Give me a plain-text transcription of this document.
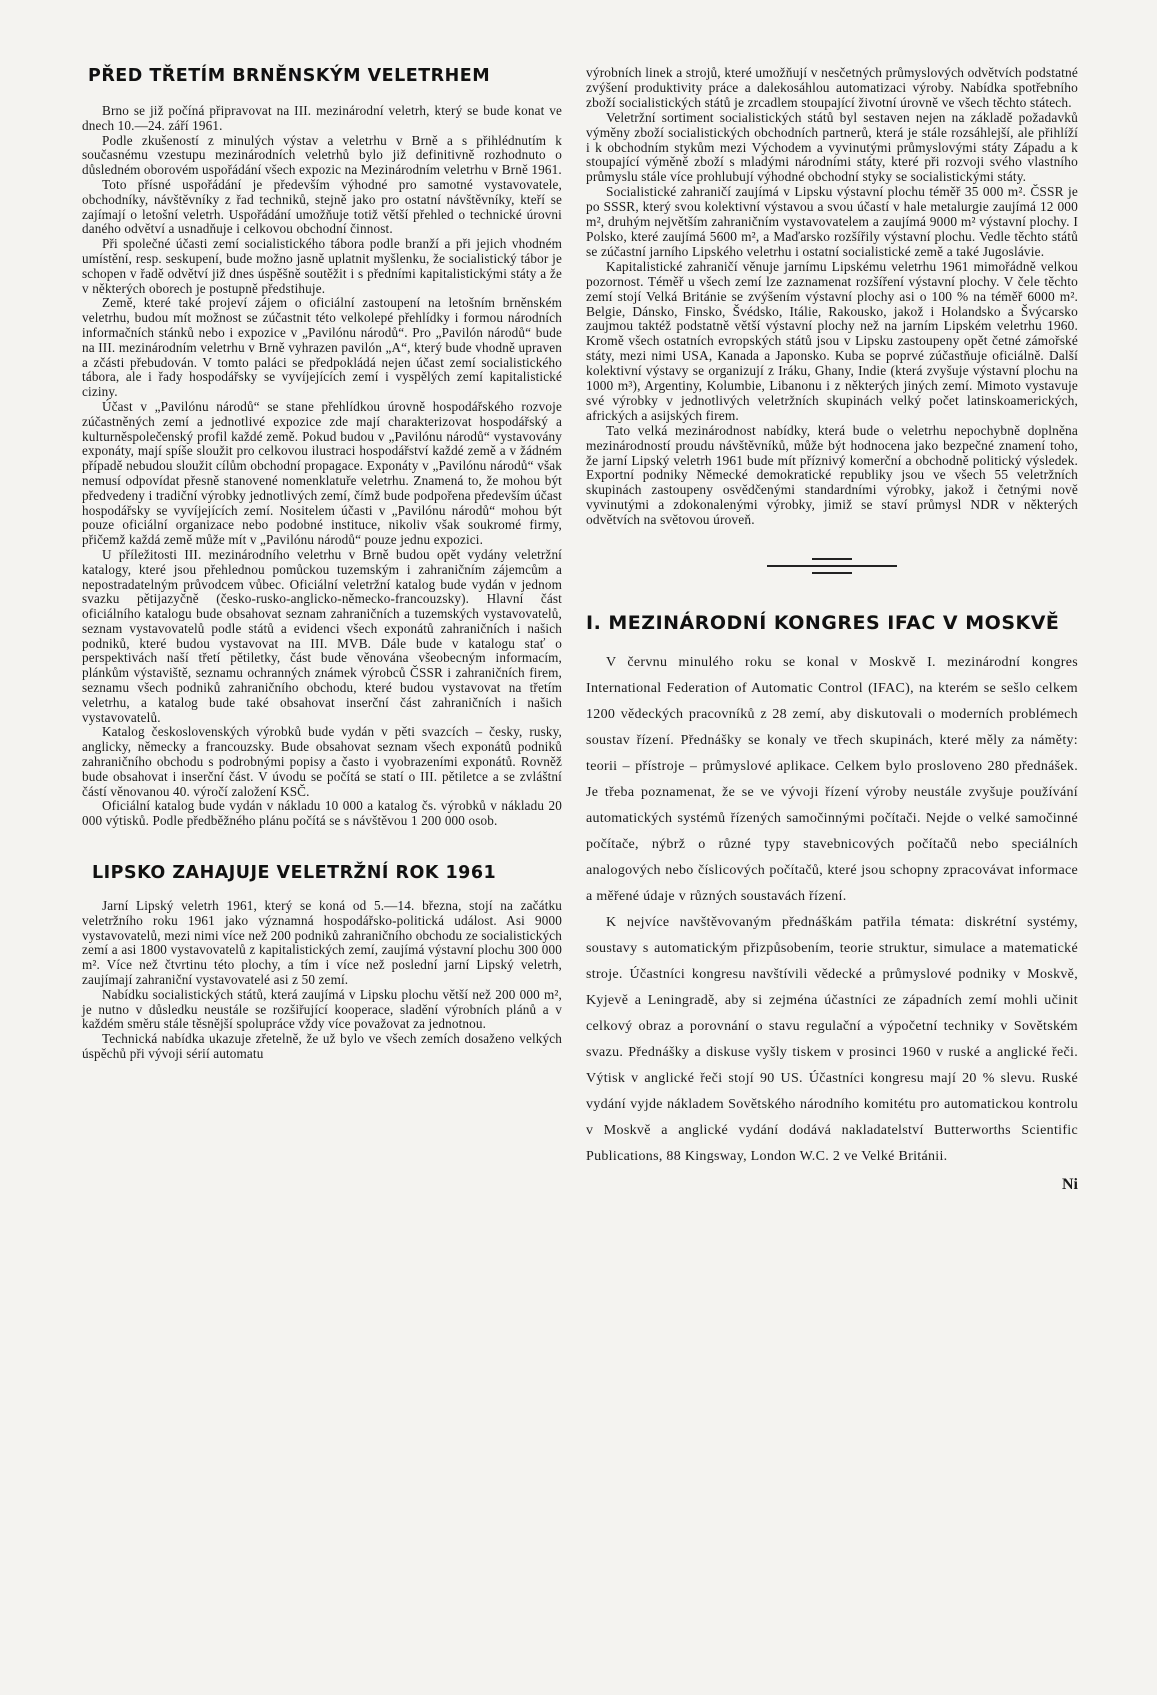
PŘED TŘETÍM BRNĚNSKÝM VELETRHEM

Brno se již počíná připravovat na III. mezinárodní veletrh, který se bude konat ve dnech 10.—24. září 1961.

Podle zkušeností z minulých výstav a veletrhu v Brně a s přihlédnutím k současnému vzestupu mezinárodních veletrhů bylo již definitivně rozhodnuto o důsledném oborovém uspořádání všech expozic na Mezinárodním veletrhu v Brně 1961.

Toto přísné uspořádání je především výhodné pro samotné vystavovatele, obchodníky, návštěvníky z řad techniků, stejně jako pro ostatní návštěvníky, kteří se zajímají o letošní veletrh. Uspořádání umožňuje totiž větší přehled o technické úrovni daného odvětví a usnadňuje i celkovou obchodní činnost.

Při společné účasti zemí socialistického tábora podle branží a při jejich vhodném umístění, resp. seskupení, bude možno jasně uplatnit myšlenku, že socialistický tábor je schopen v řadě odvětví již dnes úspěšně soutěžit i s předními kapitalistickými státy a že v některých oborech je postupně předstihuje.

Země, které také projeví zájem o oficiální zastoupení na letošním brněnském veletrhu, budou mít možnost se zúčastnit této velkolepé přehlídky i formou národních informačních stánků nebo i expozice v „Pavilónu národů“. Pro „Pavilón národů“ bude na III. mezinárodním veletrhu v Brně vyhrazen pavilón „A“, který bude vhodně upraven a zčásti přebudován. V tomto paláci se předpokládá nejen účast zemí socialistického tábora, ale i řady hospodářsky se vyvíjejících zemí i vyspělých zemí kapitalistické ciziny.

Účast v „Pavilónu národů“ se stane přehlídkou úrovně hospodářského rozvoje zúčastněných zemí a jednotlivé expozice zde mají charakterizovat hospodářský a kulturněspolečenský profil každé země. Pokud budou v „Pavilónu národů“ vystavovány exponáty, mají spíše sloužit pro celkovou ilustraci hospodářství každé země a v žádném případě nebudou sloužit cílům obchodní propagace. Exponáty v „Pavilónu národů“ však nemusí odpovídat přesně stanovené nomenklatuře veletrhu. Znamená to, že mohou být předvedeny i tradiční výrobky jednotlivých zemí, čímž bude podpořena především účast hospodářsky se vyvíjejících zemí. Nositelem účasti v „Pavilónu národů“ mohou být pouze oficiální organizace nebo podobné instituce, nikoliv však soukromé firmy, přičemž každá země může mít v „Pavilónu národů“ pouze jednu expozici.

U příležitosti III. mezinárodního veletrhu v Brně budou opět vydány veletržní katalogy, které jsou přehlednou pomůckou tuzemským i zahraničním zájemcům a nepostradatelným průvodcem vůbec. Oficiální veletržní katalog bude vydán v jednom svazku pětijazyčně (česko-rusko-anglicko-německo-francouzsky). Hlavní část oficiálního katalogu bude obsahovat seznam zahraničních a tuzemských vystavovatelů, seznam vystavovatelů podle států a evidenci všech exponátů zahraničních i našich podniků, které budou vystavovat na III. MVB. Dále bude v katalogu stať o perspektivách naší třetí pětiletky, část bude věnována všeobecným informacím, plánkům výstaviště, seznamu ochranných známek výrobců ČSSR i zahraničních firem, seznamu všech podniků zahraničního obchodu, které budou vystavovat na třetím veletrhu, a katalog bude také obsahovat inserční část zahraničních i našich vystavovatelů.

Katalog československých výrobků bude vydán v pěti svazcích – česky, rusky, anglicky, německy a francouzsky. Bude obsahovat seznam všech exponátů podniků zahraničního obchodu s podrobnými popisy a často i vyobrazeními exponátů. Rovněž bude obsahovat i inserční část. V úvodu se počítá se statí o III. pětiletce a se zvláštní částí věnovanou 40. výročí založení KSČ.

Oficiální katalog bude vydán v nákladu 10 000 a katalog čs. výrobků v nákladu 20 000 výtisků. Podle předběžného plánu počítá se s návštěvou 1 200 000 osob.

LIPSKO ZAHAJUJE VELETRŽNÍ ROK 1961

Jarní Lipský veletrh 1961, který se koná od 5.—14. března, stojí na začátku veletržního roku 1961 jako významná hospodářsko-politická událost. Asi 9000 vystavovatelů, mezi nimi více než 200 podniků zahraničního obchodu ze socialistických zemí a asi 1800 vystavovatelů z kapitalistických zemí, zaujímá výstavní plochu 300 000 m². Více než čtvrtinu této plochy, a tím i více než poslední jarní Lipský veletrh, zaujímají zahraniční vystavovatelé asi z 50 zemí.

Nabídku socialistických států, která zaujímá v Lipsku plochu větší než 200 000 m², je nutno v důsledku neustále se rozšiřující kooperace, sladění výrobních plánů a v každém směru stále těsnější spolupráce vždy více považovat za jednotnou.

Technická nabídka ukazuje zřetelně, že už bylo ve všech zemích dosaženo velkých úspěchů při vývoji sérií automatu

výrobních linek a strojů, které umožňují v nesčetných průmyslových odvětvích podstatné zvýšení produktivity práce a dalekosáhlou automatizaci výroby. Nabídka spotřebního zboží socialistických států je zrcadlem stoupající životní úrovně ve všech těchto státech.

Veletržní sortiment socialistických států byl sestaven nejen na základě požadavků výměny zboží socialistických obchodních partnerů, která je stále rozsáhlejší, ale přihlíží i k obchodním stykům mezi Východem a vyvinutými průmyslovými státy Západu a k stoupající výměně zboží s mladými národními státy, které při rozvoji svého vlastního průmyslu stále více prohlubují výhodné obchodní styky se socialistickými státy.

Socialistické zahraničí zaujímá v Lipsku výstavní plochu téměř 35 000 m². ČSSR je po SSSR, který svou kolektivní výstavou a svou účastí v hale metalurgie zaujímá 12 000 m², druhým největším zahraničním vystavovatelem a zaujímá 9000 m² výstavní plochy. I Polsko, které zaujímá 5600 m², a Maďarsko rozšířily výstavní plochu. Vedle těchto států se zúčastní jarního Lipského veletrhu i ostatní socialistické země a také Jugoslávie.

Kapitalistické zahraničí věnuje jarnímu Lipskému veletrhu 1961 mimořádně velkou pozornost. Téměř u všech zemí lze zaznamenat rozšíření výstavní plochy. V čele těchto zemí stojí Velká Británie se zvýšením výstavní plochy asi o 100 % na téměř 6000 m². Belgie, Dánsko, Finsko, Švédsko, Itálie, Rakousko, jakož i Holandsko a Švýcarsko zaujmou taktéž podstatně větší výstavní plochy než na jarním Lipském veletrhu 1960. Kromě všech ostatních evropských států jsou v Lipsku zastoupeny opět četné zámořské státy, mezi nimi USA, Kanada a Japonsko. Kuba se poprvé zúčastňuje oficiálně. Další kolektivní výstavy se organizují z Iráku, Ghany, Indie (která zvyšuje výstavní plochu na 1000 m³), Argentiny, Kolumbie, Libanonu i z některých jiných zemí. Mimoto vystavuje své výrobky v jednotlivých veletržních skupinách velký počet latinskoamerických, afrických a asijských firem.

Tato velká mezinárodnost nabídky, která bude o veletrhu nepochybně doplněna mezinárodností proudu návštěvníků, může být hodnocena jako bezpečné znamení toho, že jarní Lipský veletrh 1961 bude mít příznivý komerční a obchodně politický výsledek. Exportní podniky Německé demokratické republiky jsou ve všech 55 veletržních skupinách zastoupeny osvědčenými standardními výrobky, jakož i četnými nově vyvinutými a zdokonalenými výrobky, jimiž se staví průmysl NDR v některých odvětvích na světovou úroveň.

I. MEZINÁRODNÍ KONGRES IFAC V MOSKVĚ

V červnu minulého roku se konal v Moskvě I. mezinárodní kongres International Federation of Automatic Control (IFAC), na kterém se sešlo celkem 1200 vědeckých pracovníků z 28 zemí, aby diskutovali o moderních problémech soustav řízení. Přednášky se konaly ve třech skupinách, které měly za náměty: teorii – přístroje – průmyslové aplikace. Celkem bylo prosloveno 280 přednášek. Je třeba poznamenat, že se ve vývoji řízení výroby neustále zvyšuje používání automatických systémů řízených samočinnými počítači. Nejde o velké samočinné počítače, nýbrž o různé typy stavebnicových počítačů nebo speciálních analogových nebo číslicových počítačů, které jsou schopny zpracovávat informace a měřené údaje v různých soustavách řízení.

K nejvíce navštěvovaným přednáškám patřila témata: diskrétní systémy, soustavy s automatickým přizpůsobením, teorie struktur, simulace a matematické stroje. Účastníci kongresu navštívili vědecké a průmyslové podniky v Moskvě, Kyjevě a Leningradě, aby si zejména účastníci ze západních zemí mohli učinit celkový obraz a porovnání o stavu regulační a výpočetní techniky v Sovětském svazu. Přednášky a diskuse vyšly tiskem v prosinci 1960 v ruské a anglické řeči. Výtisk v anglické řeči stojí 90 US. Účastníci kongresu mají 20 % slevu. Ruské vydání vyjde nákladem Sovětského národního komitétu pro automatickou kontrolu v Moskvě a anglické vydání dodává nakladatelství Butterworths Scientific Publications, 88 Kingsway, London W.C. 2 ve Velké Británii.

Ni
